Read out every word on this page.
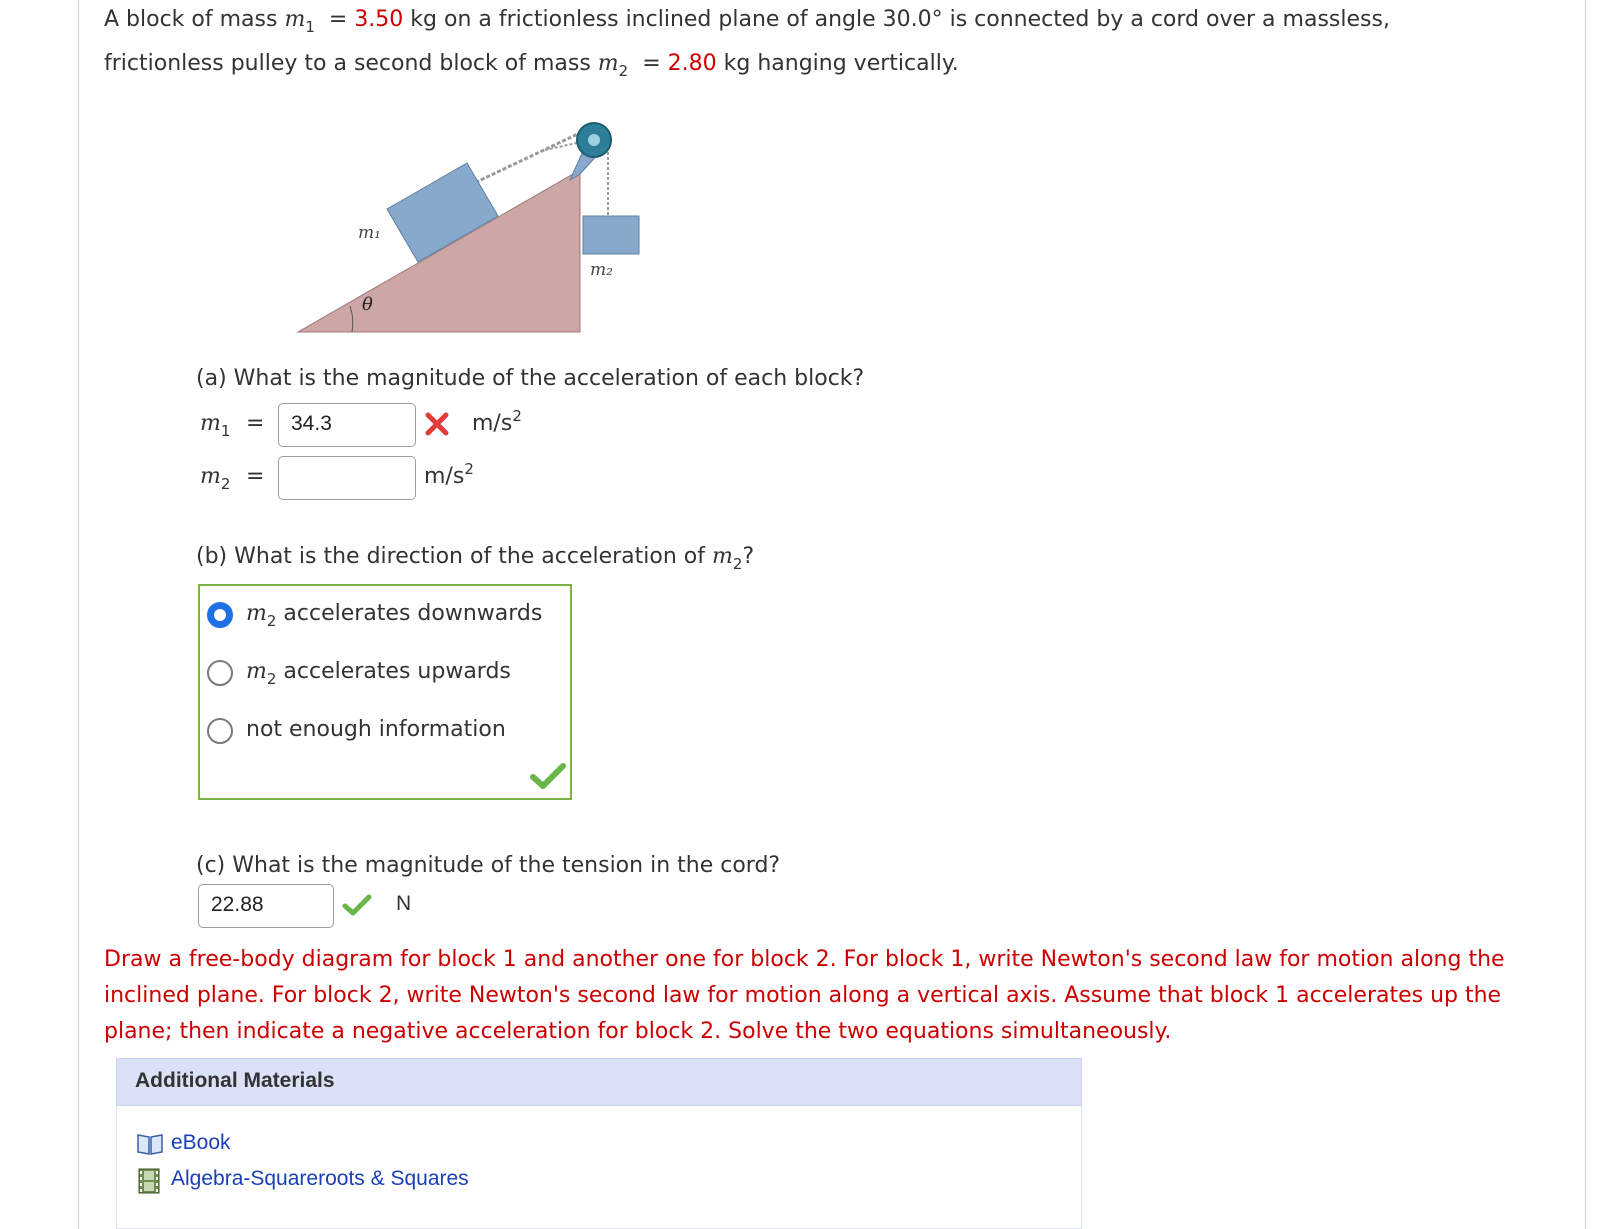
A block of mass $m_1 = 3.50$ kg on a frictionless inclined plane of angle 30.0° is connected by a cord over a massless,
frictionless pulley to a second block of mass $m_2 = 2.80$ kg hanging vertically.
m₁
m₂
θ
(a) What is the magnitude of the acceleration of each block?
$m_1$ =	34.3	$m/s^2$
$m_2$ =	$m/s^2$
(b) What is the direction of the acceleration of $m_2$?
$m_2$ accelerates downwards
$m_2$ accelerates upwards
not enough information
(c) What is the magnitude of the tension in the cord?
22.88	N
Draw a free-body diagram for block 1 and another one for block 2. For block 1, write Newton's second law for motion along the inclined plane. For block 2, write Newton's second law for motion along a vertical axis. Assume that block 1 accelerates up the plane; then indicate a negative acceleration for block 2. Solve the two equations simultaneously.
Additional Materials
eBook
Algebra-Squareroots & Squares
